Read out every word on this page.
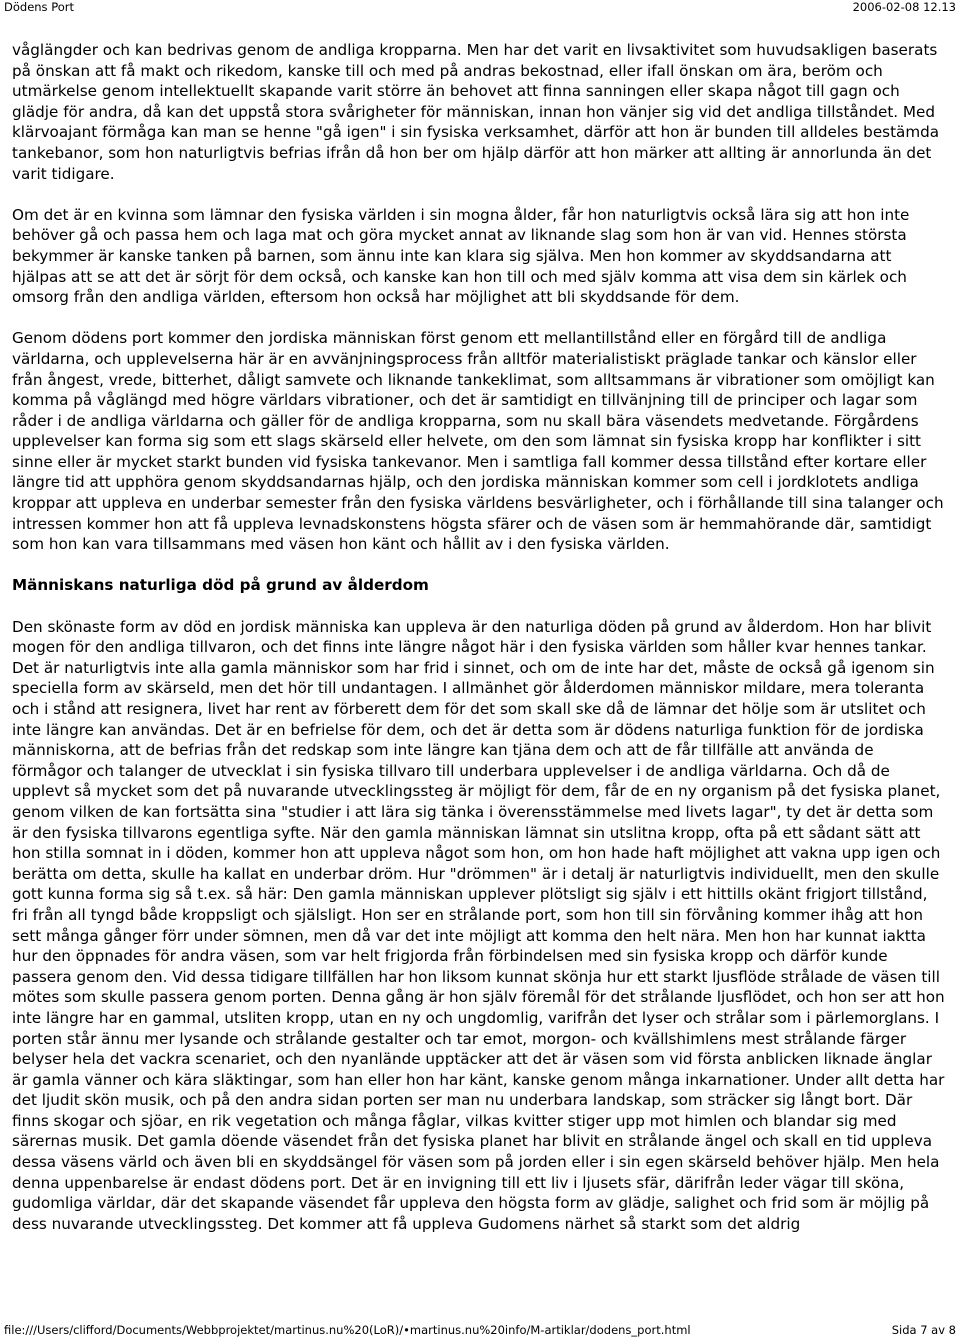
Dödens Port	2006-02-08 12.13

våglängder och kan bedrivas genom de andliga kropparna. Men har det varit en livsaktivitet som huvudsakligen baserats på önskan att få makt och rikedom, kanske till och med på andras bekostnad, eller ifall önskan om ära, beröm och utmärkelse genom intellektuellt skapande varit större än behovet att finna sanningen eller skapa något till gagn och glädje för andra, då kan det uppstå stora svårigheter för människan, innan hon vänjer sig vid det andliga tillståndet. Med klärvoajant förmåga kan man se henne "gå igen" i sin fysiska verksamhet, därför att hon är bunden till alldeles bestämda tankebanor, som hon naturligtvis befrias ifrån då hon ber om hjälp därför att hon märker att allting är annorlunda än det varit tidigare.

Om det är en kvinna som lämnar den fysiska världen i sin mogna ålder, får hon naturligtvis också lära sig att hon inte behöver gå och passa hem och laga mat och göra mycket annat av liknande slag som hon är van vid. Hennes största bekymmer är kanske tanken på barnen, som ännu inte kan klara sig själva. Men hon kommer av skyddsandarna att hjälpas att se att det är sörjt för dem också, och kanske kan hon till och med själv komma att visa dem sin kärlek och omsorg från den andliga världen, eftersom hon också har möjlighet att bli skyddsande för dem.

Genom dödens port kommer den jordiska människan först genom ett mellantillstånd eller en förgård till de andliga världarna, och upplevelserna här är en avvänjningsprocess från alltför materialistiskt präglade tankar och känslor eller från ångest, vrede, bitterhet, dåligt samvete och liknande tankeklimat, som alltsammans är vibrationer som omöjligt kan komma på våglängd med högre världars vibrationer, och det är samtidigt en tillvänjning till de principer och lagar som råder i de andliga världarna och gäller för de andliga kropparna, som nu skall bära väsendets medvetande. Förgårdens upplevelser kan forma sig som ett slags skärseld eller helvete, om den som lämnat sin fysiska kropp har konflikter i sitt sinne eller är mycket starkt bunden vid fysiska tankevanor. Men i samtliga fall kommer dessa tillstånd efter kortare eller längre tid att upphöra genom skyddsandarnas hjälp, och den jordiska människan kommer som cell i jordklotets andliga kroppar att uppleva en underbar semester från den fysiska världens besvärligheter, och i förhållande till sina talanger och intressen kommer hon att få uppleva levnadskonstens högsta sfärer och de väsen som är hemmahörande där, samtidigt som hon kan vara tillsammans med väsen hon känt och hållit av i den fysiska världen.

Människans naturliga död på grund av ålderdom

Den skönaste form av död en jordisk människa kan uppleva är den naturliga döden på grund av ålderdom. Hon har blivit mogen för den andliga tillvaron, och det finns inte längre något här i den fysiska världen som håller kvar hennes tankar. Det är naturligtvis inte alla gamla människor som har frid i sinnet, och om de inte har det, måste de också gå igenom sin speciella form av skärseld, men det hör till undantagen. I allmänhet gör ålderdomen människor mildare, mera toleranta och i stånd att resignera, livet har rent av förberett dem för det som skall ske då de lämnar det hölje som är utslitet och inte längre kan användas. Det är en befrielse för dem, och det är detta som är dödens naturliga funktion för de jordiska människorna, att de befrias från det redskap som inte längre kan tjäna dem och att de får tillfälle att använda de förmågor och talanger de utvecklat i sin fysiska tillvaro till underbara upplevelser i de andliga världarna. Och då de upplevt så mycket som det på nuvarande utvecklingssteg är möjligt för dem, får de en ny organism på det fysiska planet, genom vilken de kan fortsätta sina "studier i att lära sig tänka i överensstämmelse med livets lagar", ty det är detta som är den fysiska tillvarons egentliga syfte. När den gamla människan lämnat sin utslitna kropp, ofta på ett sådant sätt att hon stilla somnat in i döden, kommer hon att uppleva något som hon, om hon hade haft möjlighet att vakna upp igen och berätta om detta, skulle ha kallat en underbar dröm. Hur "drömmen" är i detalj är naturligtvis individuellt, men den skulle gott kunna forma sig så t.ex. så här: Den gamla människan upplever plötsligt sig själv i ett hittills okänt frigjort tillstånd, fri från all tyngd både kroppsligt och själsligt. Hon ser en strålande port, som hon till sin förvåning kommer ihåg att hon sett många gånger förr under sömnen, men då var det inte möjligt att komma den helt nära. Men hon har kunnat iaktta hur den öppnades för andra väsen, som var helt frigjorda från förbindelsen med sin fysiska kropp och därför kunde passera genom den. Vid dessa tidigare tillfällen har hon liksom kunnat skönja hur ett starkt ljusflöde strålade de väsen till mötes som skulle passera genom porten. Denna gång är hon själv föremål för det strålande ljusflödet, och hon ser att hon inte längre har en gammal, utsliten kropp, utan en ny och ungdomlig, varifrån det lyser och strålar som i pärlemorglans. I porten står ännu mer lysande och strålande gestalter och tar emot, morgon- och kvällshimlens mest strålande färger belyser hela det vackra scenariet, och den nyanlände upptäcker att det är väsen som vid första anblicken liknade änglar är gamla vänner och kära släktingar, som han eller hon har känt, kanske genom många inkarnationer. Under allt detta har det ljudit skön musik, och på den andra sidan porten ser man nu underbara landskap, som sträcker sig långt bort. Där finns skogar och sjöar, en rik vegetation och många fåglar, vilkas kvitter stiger upp mot himlen och blandar sig med särernas musik. Det gamla döende väsendet från det fysiska planet har blivit en strålande ängel och skall en tid uppleva dessa väsens värld och även bli en skyddsängel för väsen som på jorden eller i sin egen skärseld behöver hjälp. Men hela denna uppenbarelse är endast dödens port. Det är en invigning till ett liv i ljusets sfär, därifrån leder vägar till sköna, gudomliga världar, där det skapande väsendet får uppleva den högsta form av glädje, salighet och frid som är möjlig på dess nuvarande utvecklingssteg. Det kommer att få uppleva Gudomens närhet så starkt som det aldrig

file:///Users/clifford/Documents/Webbprojektet/martinus.nu%20(LoR)/•martinus.nu%20info/M-artiklar/dodens_port.html	Sida 7 av 8
